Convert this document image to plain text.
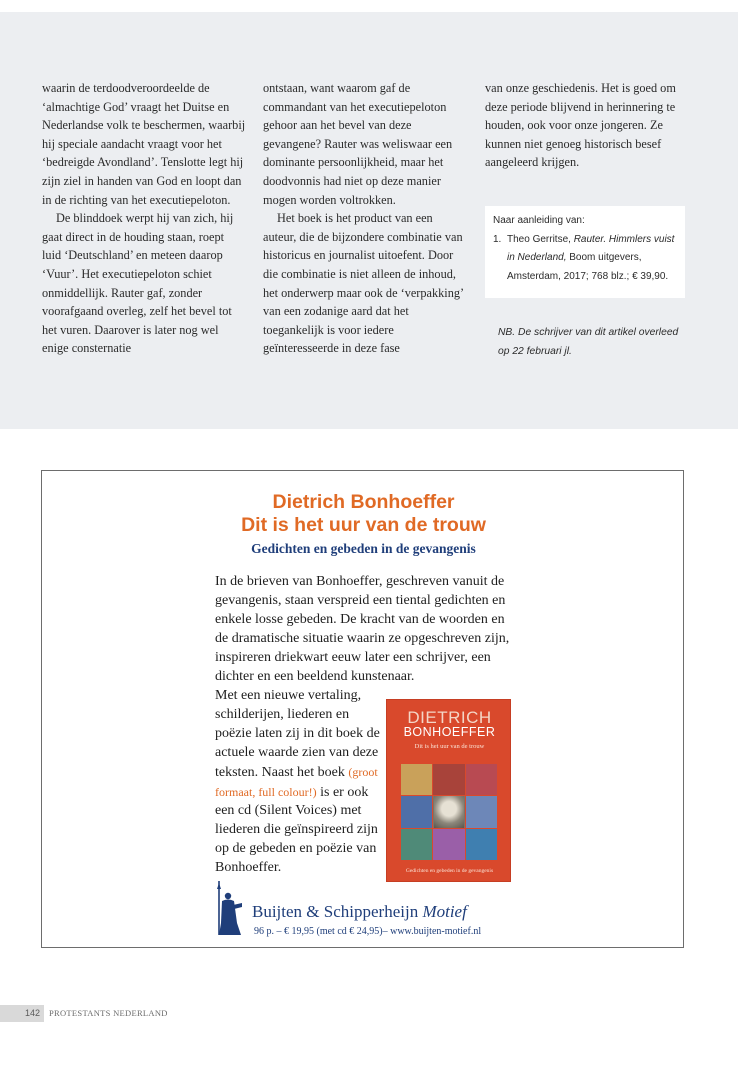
waarin de terdoodveroordeelde de ‘almachtige God’ vraagt het Duitse en Nederlandse volk te beschermen, waarbij hij speciale aandacht vraagt voor het ‘bedreigde Avondland’. Tenslotte legt hij zijn ziel in handen van God en loopt dan in de richting van het executiepeloton.

De blinddoek werpt hij van zich, hij gaat direct in de houding staan, roept luid ‘Deutschland’ en meteen daarop ‘Vuur’. Het executiepeloton schiet onmiddellijk. Rauter gaf, zonder voorafgaand overleg, zelf het bevel tot het vuren. Daarover is later nog wel enige consternatie

ontstaan, want waarom gaf de commandant van het executiepeloton gehoor aan het bevel van deze gevangene? Rauter was weliswaar een dominante persoonlijkheid, maar het doodvonnis had niet op deze manier mogen worden voltrokken.

Het boek is het product van een auteur, die de bijzondere combinatie van historicus en journalist uitoefent. Door die combinatie is niet alleen de inhoud, het onderwerp maar ook de ‘verpakking’ van een zodanige aard dat het toegankelijk is voor iedere geïnteresseerde in deze fase

van onze geschiedenis. Het is goed om deze periode blijvend in herinnering te houden, ook voor onze jongeren. Ze kunnen niet genoeg historisch besef aangeleerd krijgen.

Naar aanleiding van:
1. Theo Gerritse, Rauter. Himmlers vuist in Nederland, Boom uitgevers, Amsterdam, 2017; 768 blz.; € 39,90.
NB. De schrijver van dit artikel overleed op 22 februari jl.
Dietrich Bonhoeffer
Dit is het uur van de trouw
Gedichten en gebeden in de gevangenis

In de brieven van Bonhoeffer, geschreven vanuit de gevangenis, staan verspreid een tiental gedichten en enkele losse gebeden. De kracht van de woorden en de dramatische situatie waarin ze opgeschreven zijn, inspireren driekwart eeuw later een schrijver, een dichter en een beeldend kunstenaar.

Met een nieuwe vertaling, schilderijen, liederen en poëzie laten zij in dit boek de actuele waarde zien van deze teksten. Naast het boek (groot formaat, full colour!) is er ook een cd (Silent Voices) met liederen die geïnspireerd zijn op de gebeden en poëzie van Bonhoeffer.

DIETRICH
BONHOEFFER
Dit is het uur van de trouw
Gedichten en gebeden in de gevangenis
Buijten & Schipperheijn Motief
96 p. – € 19,95 (met cd € 24,95)– www.buijten-motief.nl
142	PROTESTANTS NEDERLAND
